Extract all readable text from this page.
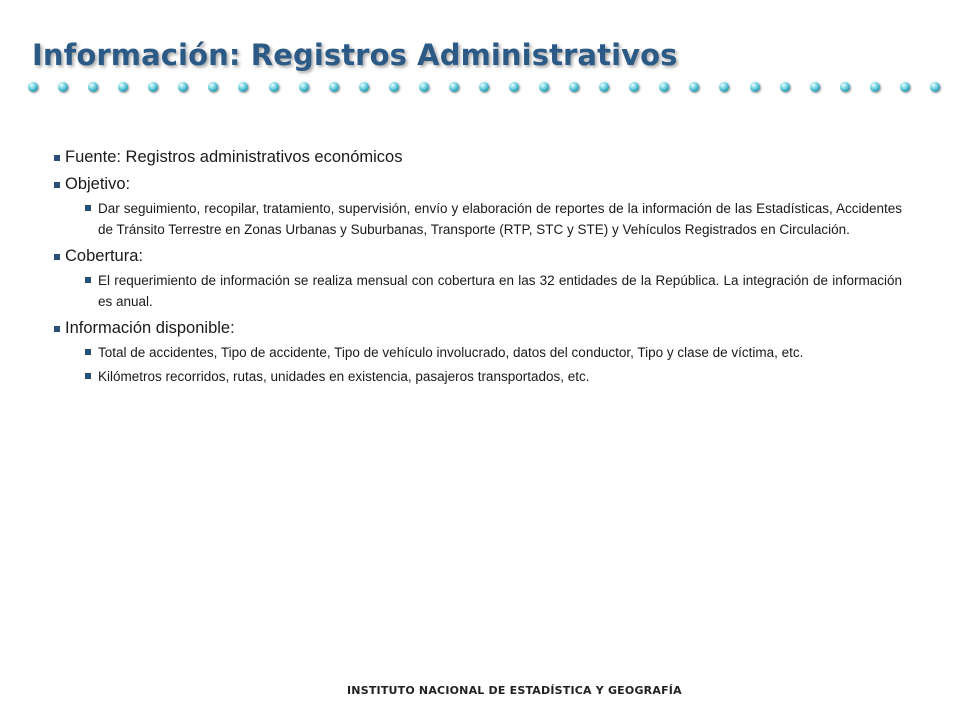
Información: Registros Administrativos
Fuente: Registros administrativos económicos
Objetivo:
Dar seguimiento, recopilar, tratamiento, supervisión, envío y elaboración de reportes de la información de las Estadísticas, Accidentes de Tránsito Terrestre en Zonas Urbanas y Suburbanas, Transporte (RTP, STC y STE) y Vehículos Registrados en Circulación.
Cobertura:
El requerimiento de información se realiza mensual con cobertura en las 32 entidades de la República. La integración de información es anual.
Información disponible:
Total de accidentes, Tipo de accidente, Tipo de vehículo involucrado, datos del conductor, Tipo y clase de víctima, etc.
Kilómetros recorridos, rutas, unidades en existencia, pasajeros transportados, etc.
INSTITUTO NACIONAL DE ESTADÍSTICA Y GEOGRAFÍA
